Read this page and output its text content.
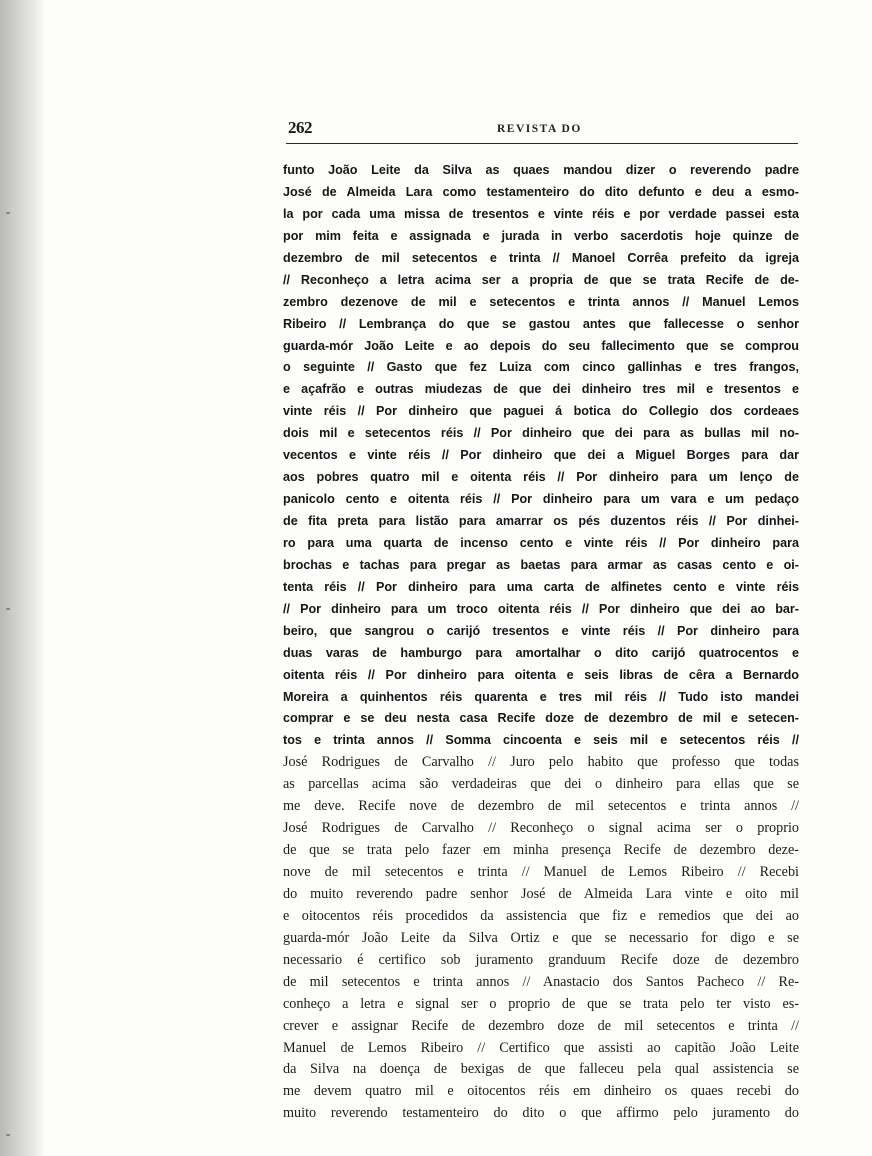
262	REVISTA DO
funto João Leite da Silva as quaes mandou dizer o reverendo padre
José de Almeida Lara como testamenteiro do dito defunto e deu a esmo-
la por cada uma missa de tresentos e vinte réis e por verdade passei esta
por mim feita e assignada e jurada in verbo sacerdotis hoje quinze de
dezembro de mil setecentos e trinta // Manoel Corrêa prefeito da igreja
// Reconheço a letra acima ser a propria de que se trata Recife de de-
zembro dezenove de mil e setecentos e trinta annos // Manuel Lemos
Ribeiro // Lembrança do que se gastou antes que fallecesse o senhor
guarda-mór João Leite e ao depois do seu fallecimento que se comprou
o seguinte // Gasto que fez Luiza com cinco gallinhas e tres frangos,
e açafrão e outras miudezas de que dei dinheiro tres mil e tresentos e
vinte réis // Por dinheiro que paguei á botica do Collegio dos cordeaes
dois mil e setecentos réis // Por dinheiro que dei para as bullas mil no-
vecentos e vinte réis // Por dinheiro que dei a Miguel Borges para dar
aos pobres quatro mil e oitenta réis // Por dinheiro para um lenço de
panicolo cento e oitenta réis // Por dinheiro para um vara e um pedaço
de fita preta para listão para amarrar os pés duzentos réis // Por dinhei-
ro para uma quarta de incenso cento e vinte réis // Por dinheiro para
brochas e tachas para pregar as baetas para armar as casas cento e oi-
tenta réis // Por dinheiro para uma carta de alfinetes cento e vinte réis
// Por dinheiro para um troco oitenta réis // Por dinheiro que dei ao bar-
beiro, que sangrou o carijó tresentos e vinte réis // Por dinheiro para
duas varas de hamburgo para amortalhar o dito carijó quatrocentos e
oitenta réis // Por dinheiro para oitenta e seis libras de cêra a Bernardo
Moreira a quinhentos réis quarenta e tres mil réis // Tudo isto mandei
comprar e se deu nesta casa Recife doze de dezembro de mil e setecen-
tos e trinta annos // Somma cincoenta e seis mil e setecentos réis //
José Rodrigues de Carvalho // Juro pelo habito que professo que todas
as parcellas acima são verdadeiras que dei o dinheiro para ellas que se
me deve. Recife nove de dezembro de mil setecentos e trinta annos //
José Rodrigues de Carvalho // Reconheço o signal acima ser o proprio
de que se trata pelo fazer em minha presença Recife de dezembro deze-
nove de mil setecentos e trinta // Manuel de Lemos Ribeiro // Recebi
do muito reverendo padre senhor José de Almeida Lara vinte e oito mil
e oitocentos réis procedidos da assistencia que fiz e remedios que dei ao
guarda-mór João Leite da Silva Ortiz e que se necessario for digo e se
necessario é certifico sob juramento granduum Recife doze de dezembro
de mil setecentos e trinta annos // Anastacio dos Santos Pacheco // Re-
conheço a letra e signal ser o proprio de que se trata pelo ter visto es-
crever e assignar Recife de dezembro doze de mil setecentos e trinta //
Manuel de Lemos Ribeiro // Certifico que assisti ao capitão João Leite
da Silva na doença de bexigas de que falleceu pela qual assistencia se
me devem quatro mil e oitocentos réis em dinheiro os quaes recebi do
muito reverendo testamenteiro do dito o que affirmo pelo juramento do
